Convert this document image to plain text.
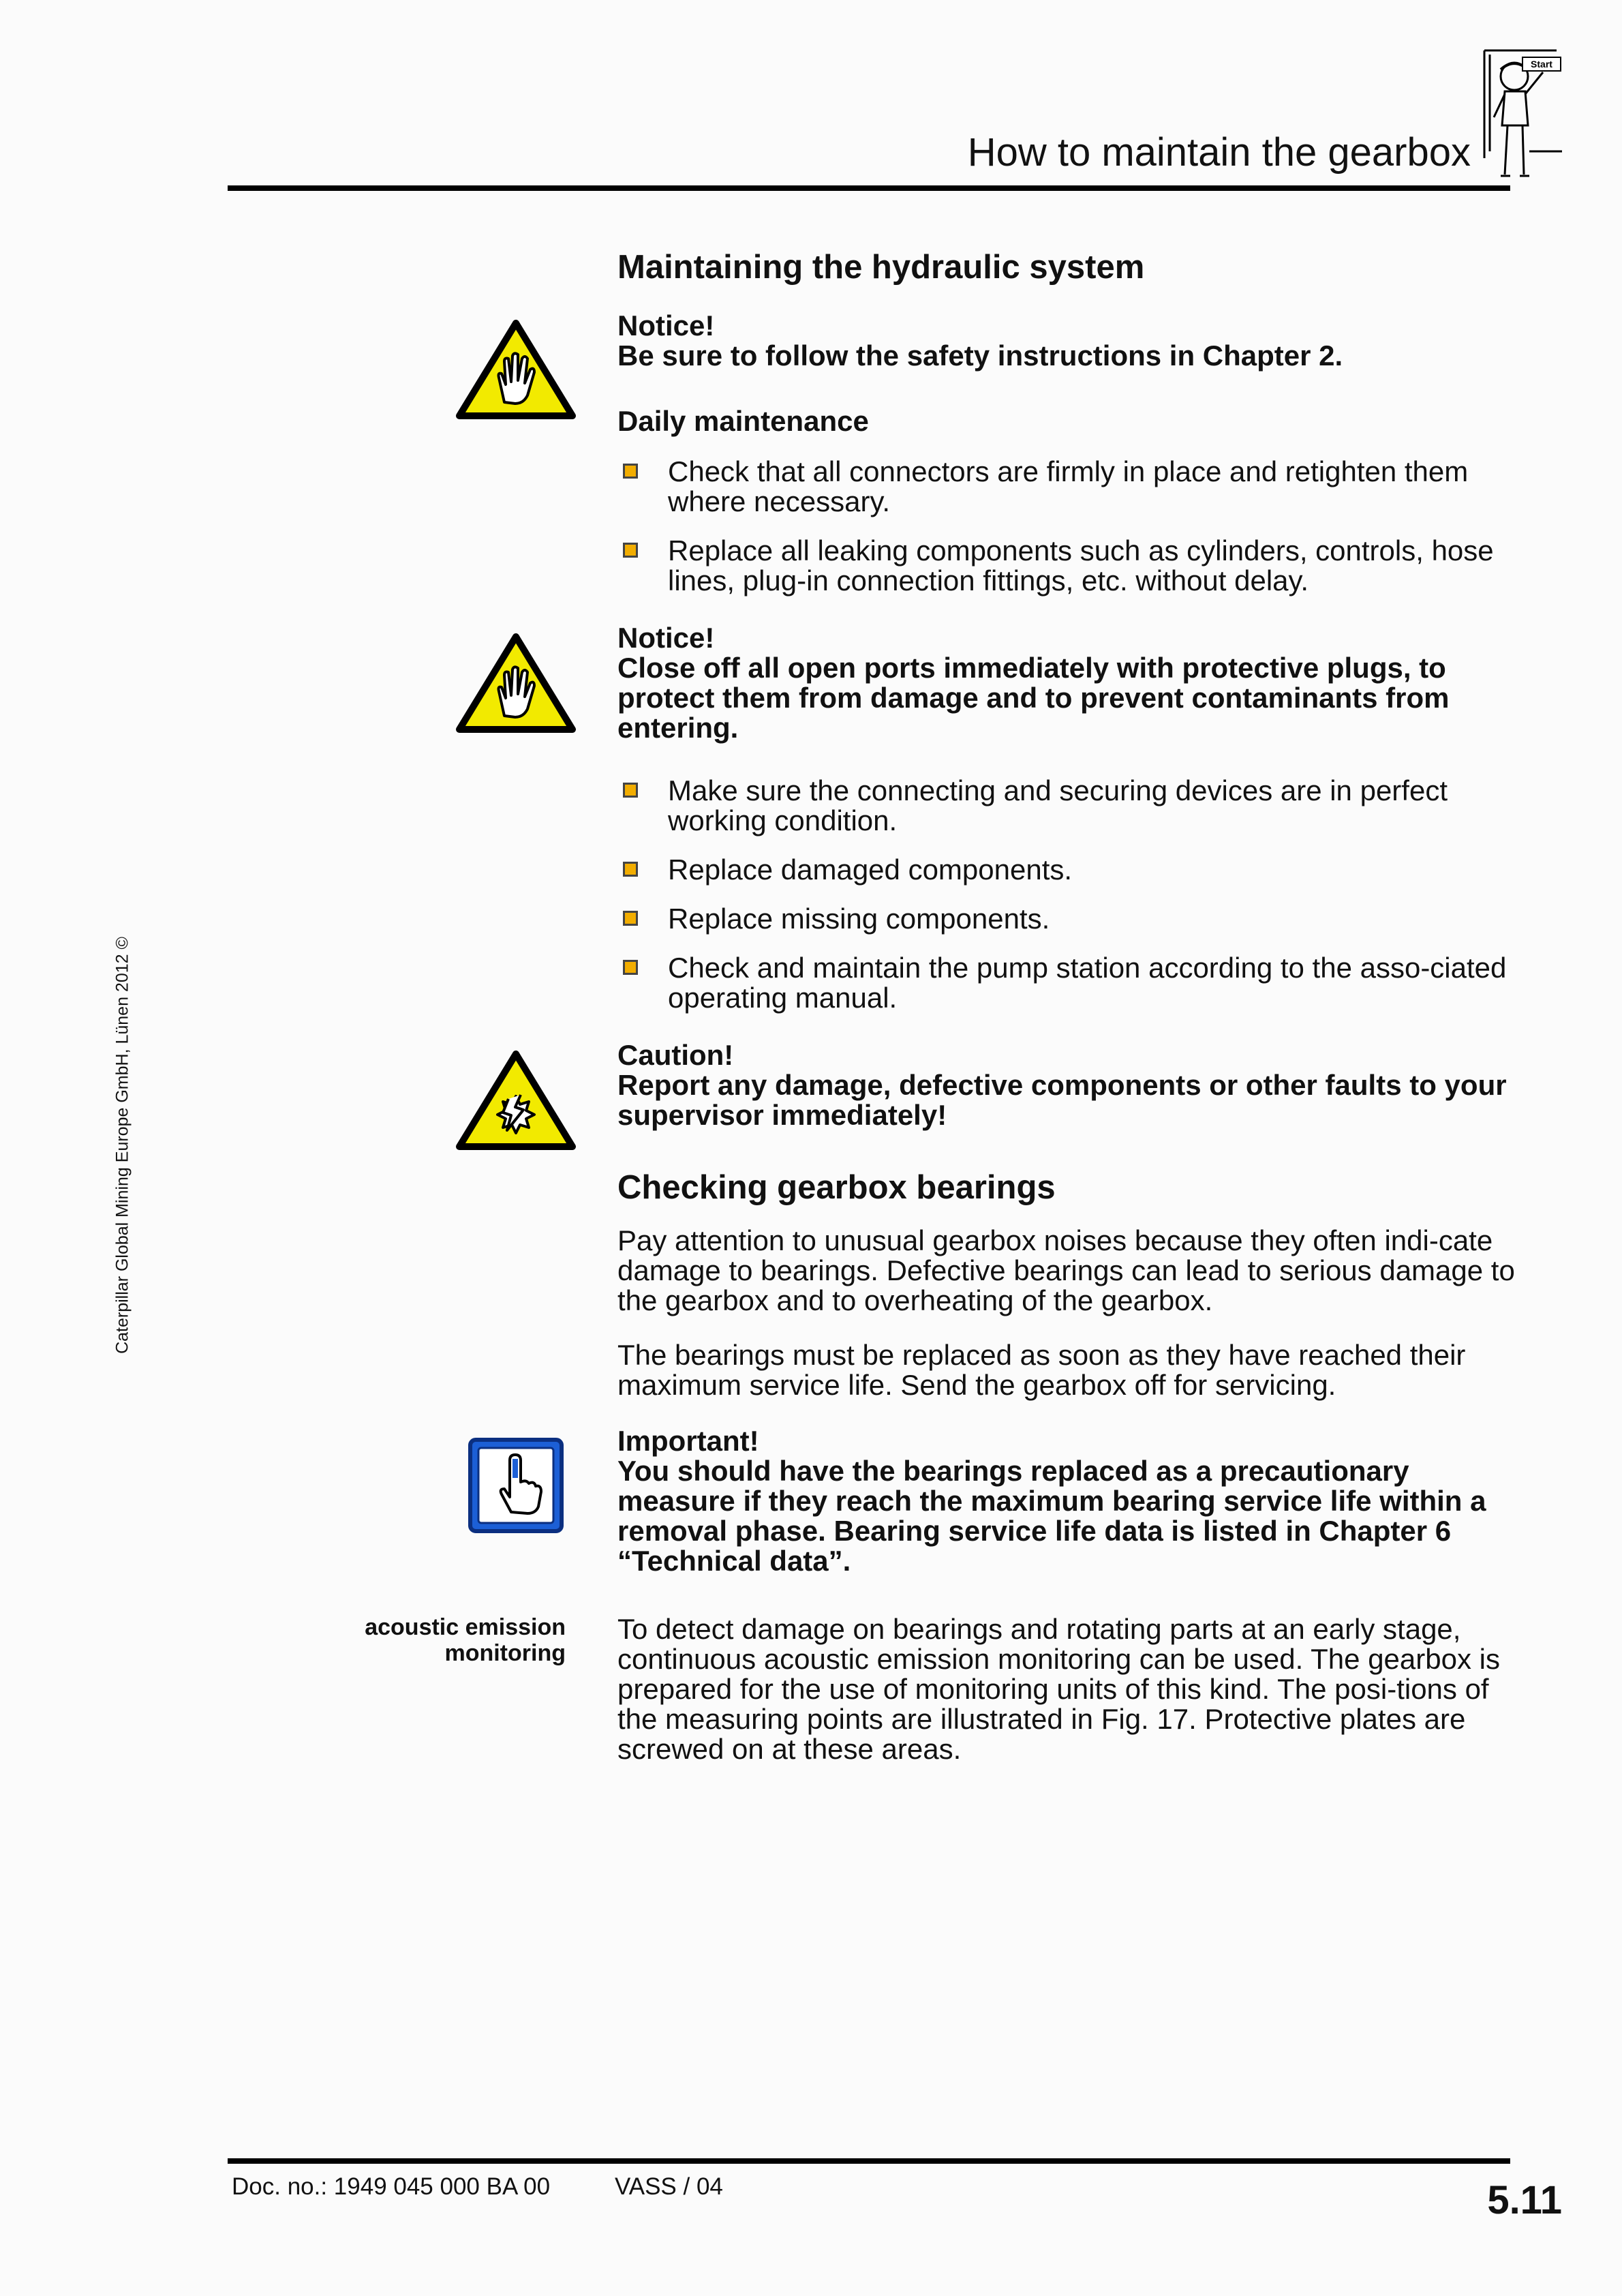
How to maintain the gearbox
Start
Caterpillar Global Mining Europe GmbH, Lünen 2012 ©
Maintaining the hydraulic system
Notice!
Be sure to follow the safety instructions in Chapter 2.
Daily maintenance
Check that all connectors are firmly in place and retighten them where necessary.
Replace all leaking components such as cylinders, controls, hose lines, plug-in connection fittings, etc. without delay.
Notice!
Close off all open ports immediately with protective plugs, to protect them from damage and to prevent contaminants from entering.
Make sure the connecting and securing devices are in perfect working condition.
Replace damaged components.
Replace missing components.
Check and maintain the pump station according to the asso-ciated operating manual.
Caution!
Report any damage, defective components or other faults to your supervisor immediately!
Checking gearbox bearings
Pay attention to unusual gearbox noises because they often indi-cate damage to bearings. Defective bearings can lead to serious damage to the gearbox and to overheating of the gearbox.
The bearings must be replaced as soon as they have reached their maximum service life. Send the gearbox off for servicing.
Important!
You should have the bearings replaced as a precautionary measure if they reach the maximum bearing service life within a removal phase. Bearing service life data is listed in Chapter 6 “Technical data”.
acoustic emission monitoring
To detect damage on bearings and rotating parts at an early stage, continuous acoustic emission monitoring can be used. The gearbox is prepared for the use of monitoring units of this kind. The posi-tions of the measuring points are illustrated in Fig. 17. Protective plates are screwed on at these areas.
Doc. no.: 1949 045 000 BA 00	VASS / 04	5.11
